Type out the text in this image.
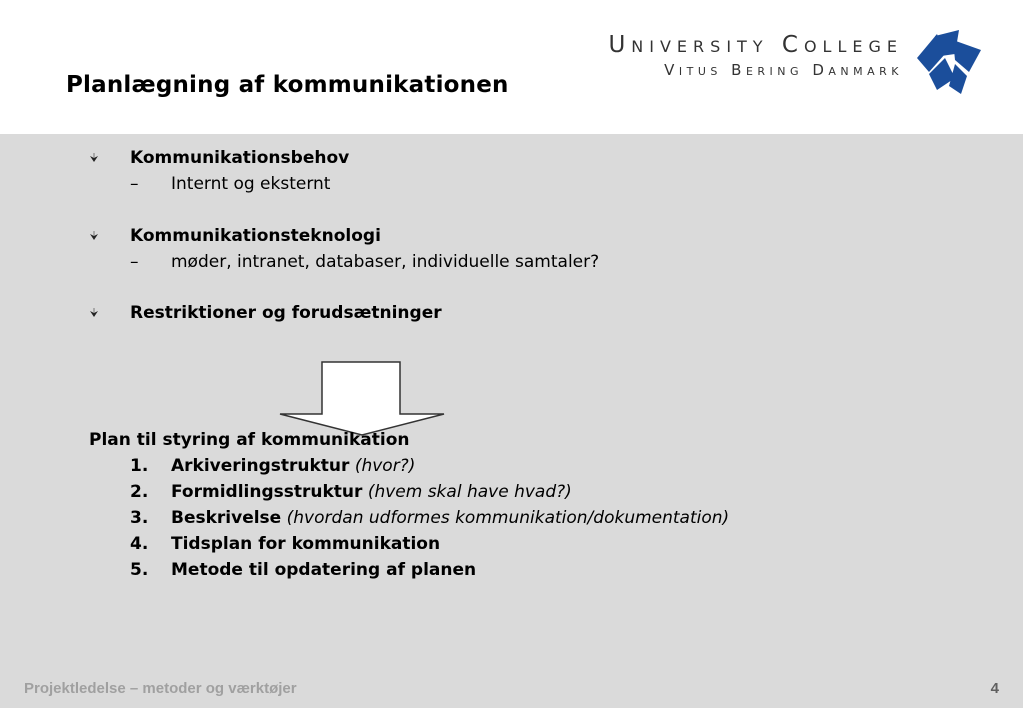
Planlægning af kommunikationen
University College
Vitus Bering Danmark
Kommunikationsbehov
– Internt og eksternt
Kommunikationsteknologi
– møder, intranet, databaser, individuelle samtaler?
Restriktioner og forudsætninger
Plan til styring af kommunikation
1. Arkiveringstruktur (hvor?)
2. Formidlingsstruktur (hvem skal have hvad?)
3. Beskrivelse (hvordan udformes kommunikation/dokumentation)
4. Tidsplan for kommunikation
5. Metode til opdatering af planen
Projektledelse – metoder og værktøjer	4
